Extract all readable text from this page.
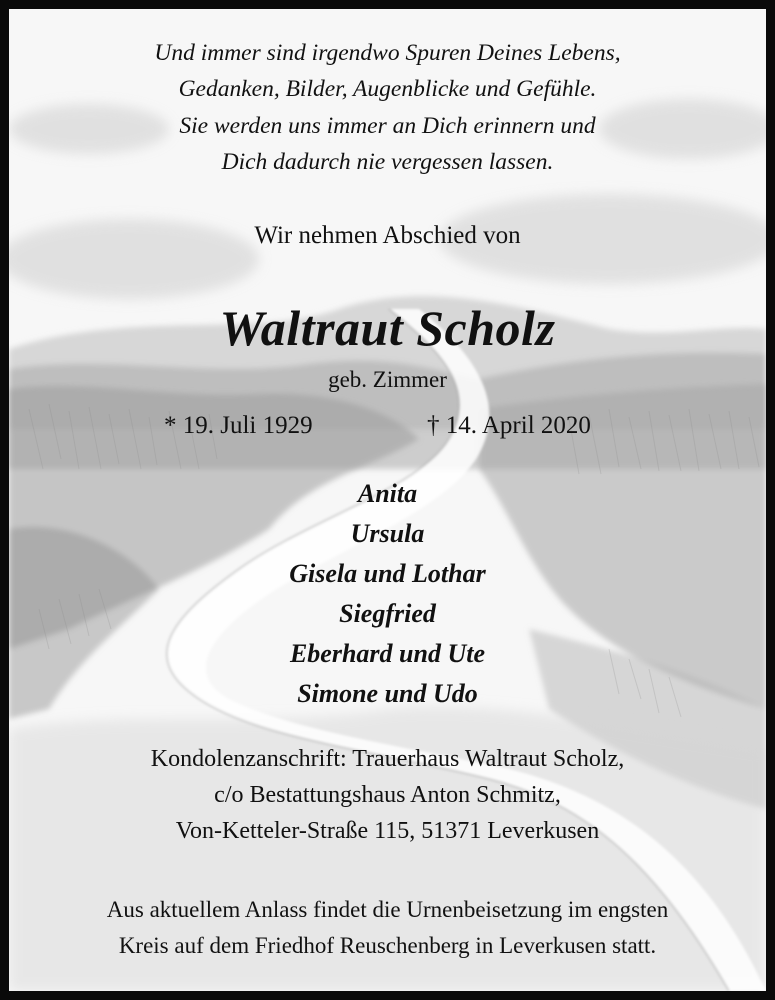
Und immer sind irgendwo Spuren Deines Lebens,
Gedanken, Bilder, Augenblicke und Gefühle.
Sie werden uns immer an Dich erinnern und
Dich dadurch nie vergessen lassen.
Wir nehmen Abschied von
Waltraut Scholz
geb. Zimmer
* 19. Juli 1929	† 14. April 2020
Anita
Ursula
Gisela und Lothar
Siegfried
Eberhard und Ute
Simone und Udo
Kondolenzanschrift: Trauerhaus Waltraut Scholz,
c/o Bestattungshaus Anton Schmitz,
Von-Ketteler-Straße 115, 51371 Leverkusen
Aus aktuellem Anlass findet die Urnenbeisetzung im engsten
Kreis auf dem Friedhof Reuschenberg in Leverkusen statt.
